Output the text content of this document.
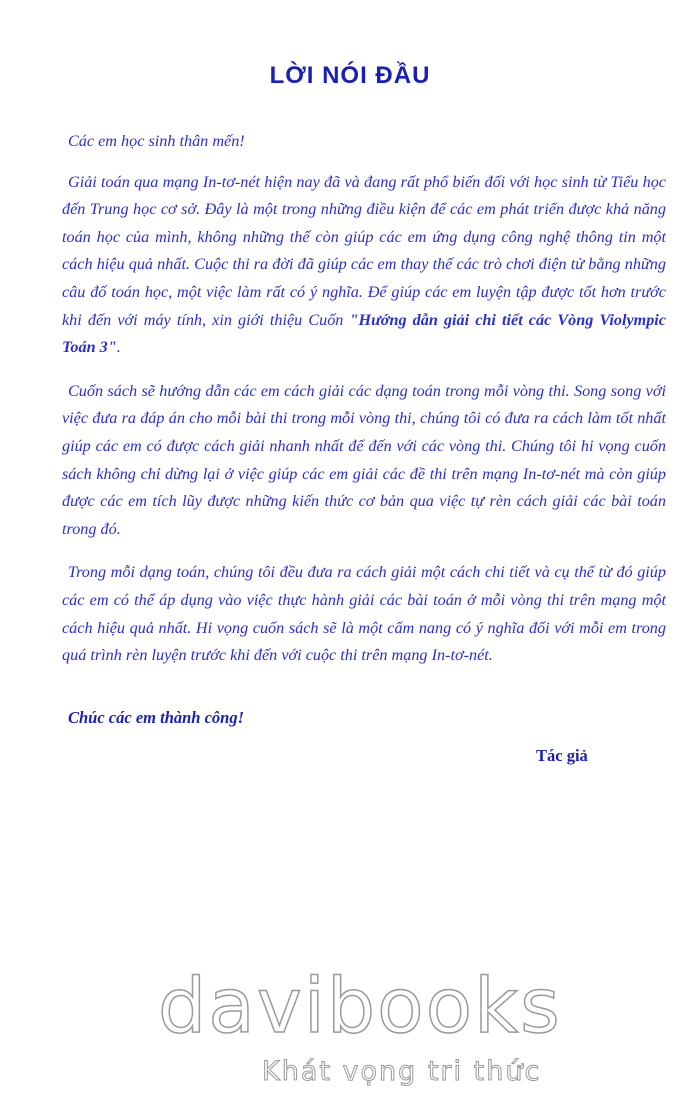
LỜI NÓI ĐẦU

Các em học sinh thân mến!

Giải toán qua mạng In-tơ-nét hiện nay đã và đang rất phổ biến đối với học sinh từ Tiểu học đến Trung học cơ sở. Đây là một trong những điều kiện để các em phát triển được khả năng toán học của mình, không những thế còn giúp các em ứng dụng công nghệ thông tin một cách hiệu quả nhất. Cuộc thi ra đời đã giúp các em thay thế các trò chơi điện tử bằng những câu đố toán học, một việc làm rất có ý nghĩa. Để giúp các em luyện tập được tốt hơn trước khi đến với máy tính, xin giới thiệu Cuốn "Hướng dẫn giải chi tiết các Vòng Violympic Toán 3".

Cuốn sách sẽ hướng dẫn các em cách giải các dạng toán trong mỗi vòng thi. Song song với việc đưa ra đáp án cho mỗi bài thi trong mỗi vòng thi, chúng tôi có đưa ra cách làm tốt nhất giúp các em có được cách giải nhanh nhất để đến với các vòng thi. Chúng tôi hi vọng cuốn sách không chỉ dừng lại ở việc giúp các em giải các đề thi trên mạng In-tơ-nét mà còn giúp được các em tích lũy được những kiến thức cơ bản qua việc tự rèn cách giải các bài toán trong đó.

Trong mỗi dạng toán, chúng tôi đều đưa ra cách giải một cách chi tiết và cụ thể từ đó giúp các em có thể áp dụng vào việc thực hành giải các bài toán ở mỗi vòng thi trên mạng một cách hiệu quả nhất. Hi vọng cuốn sách sẽ là một cẩm nang có ý nghĩa đối với mỗi em trong quá trình rèn luyện trước khi đến với cuộc thi trên mạng In-tơ-nét.

Chúc các em thành công!
Tác giả
davibooks
Khát vọng tri thức
